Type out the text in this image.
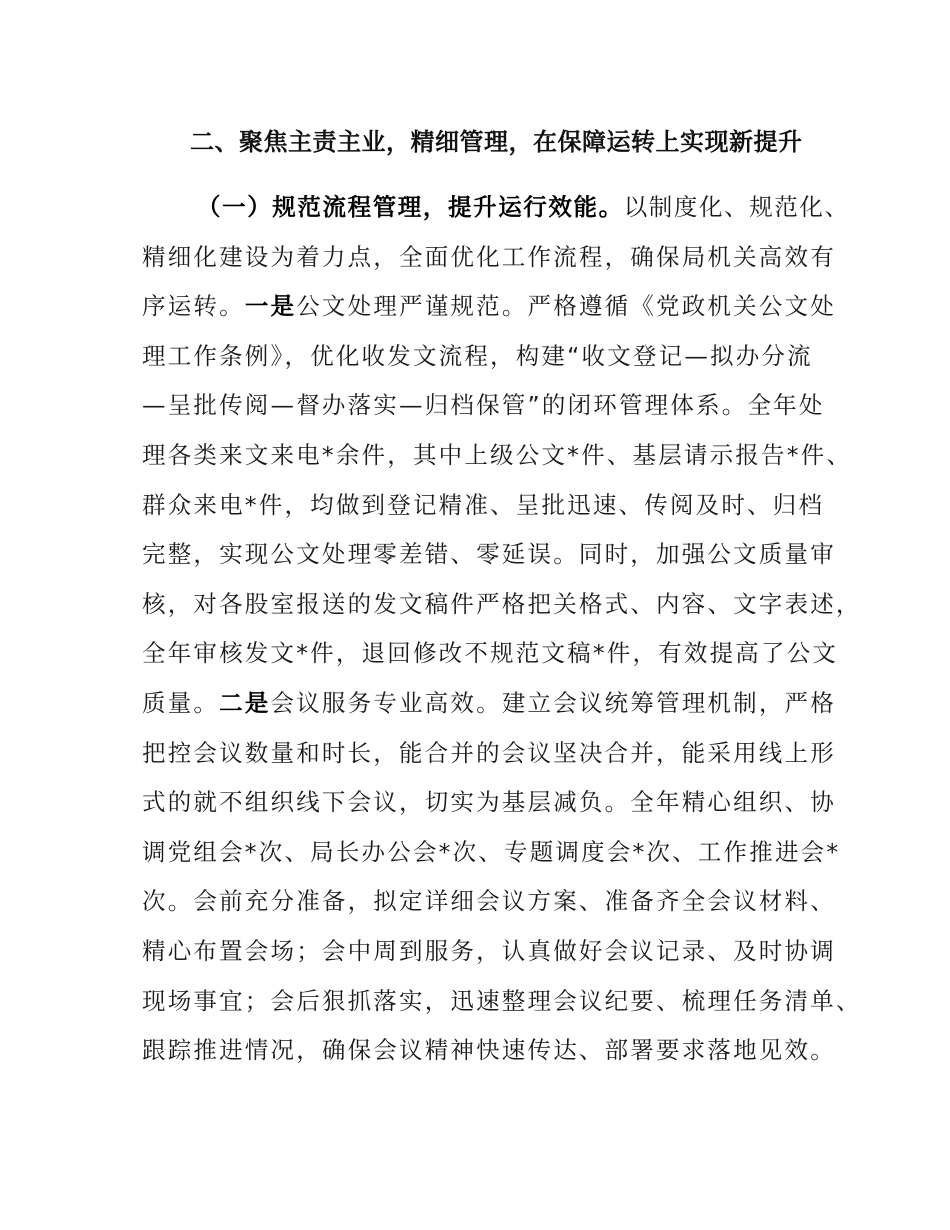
二、聚焦主责主业，精细管理，在保障运转上实现新提升
（一）规范流程管理，提升运行效能。以制度化、规范化、
精细化建设为着力点，全面优化工作流程，确保局机关高效有
序运转。一是公文处理严谨规范。严格遵循《党政机关公文处
理工作条例》，优化收发文流程，构建“收文登记—拟办分流
—呈批传阅—督办落实—归档保管”的闭环管理体系。全年处
理各类来文来电*余件，其中上级公文*件、基层请示报告*件、
群众来电*件，均做到登记精准、呈批迅速、传阅及时、归档
完整，实现公文处理零差错、零延误。同时，加强公文质量审
核，对各股室报送的发文稿件严格把关格式、内容、文字表述，
全年审核发文*件，退回修改不规范文稿*件，有效提高了公文
质量。二是会议服务专业高效。建立会议统筹管理机制，严格
把控会议数量和时长，能合并的会议坚决合并，能采用线上形
式的就不组织线下会议，切实为基层减负。全年精心组织、协
调党组会*次、局长办公会*次、专题调度会*次、工作推进会*
次。会前充分准备，拟定详细会议方案、准备齐全会议材料、
精心布置会场；会中周到服务，认真做好会议记录、及时协调
现场事宜；会后狠抓落实，迅速整理会议纪要、梳理任务清单、
跟踪推进情况，确保会议精神快速传达、部署要求落地见效。
